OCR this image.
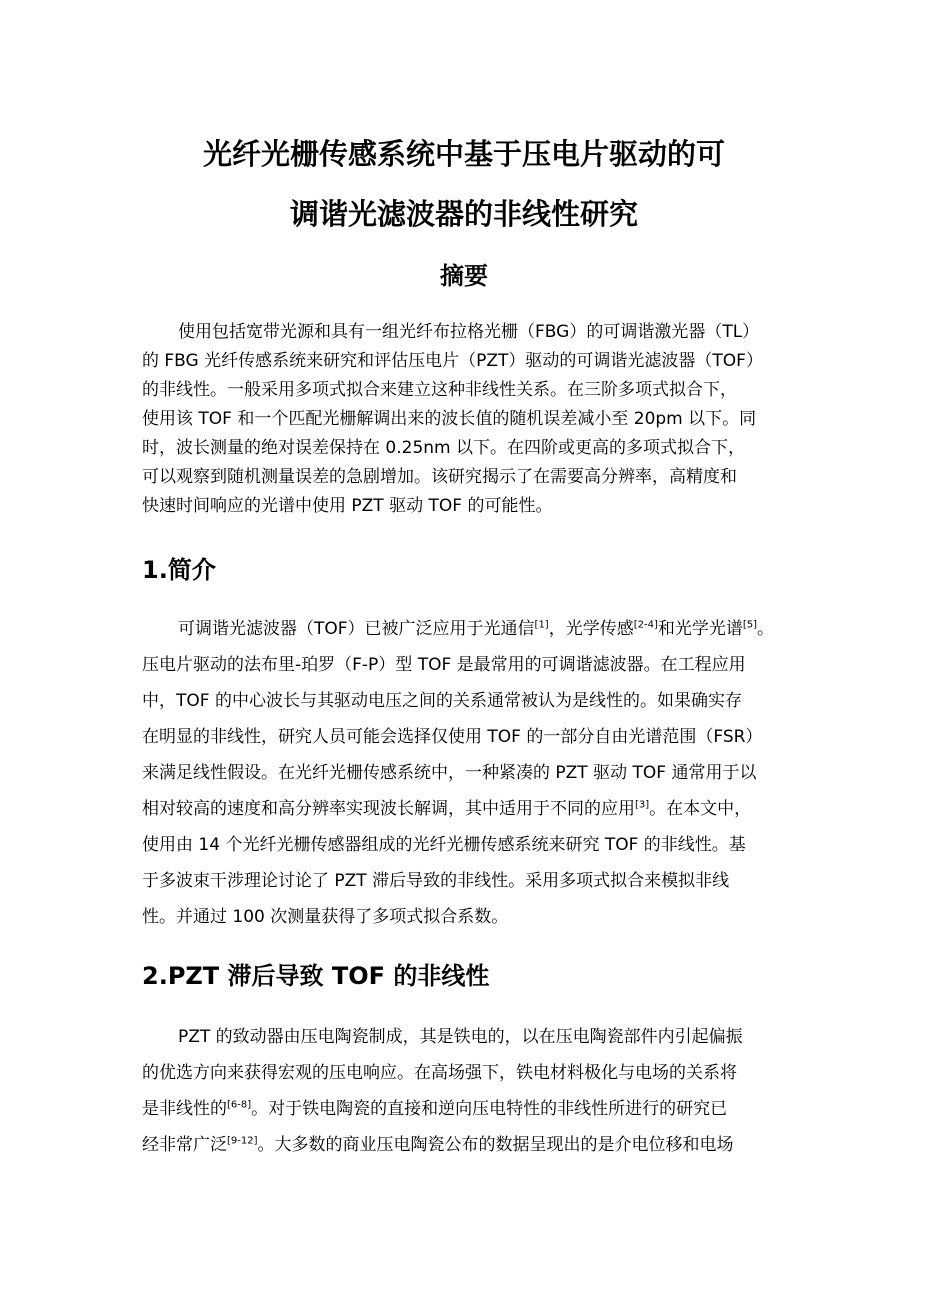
光纤光栅传感系统中基于压电片驱动的可
调谐光滤波器的非线性研究
摘要
使用包括宽带光源和具有一组光纤布拉格光栅（FBG）的可调谐激光器（TL）
的 FBG 光纤传感系统来研究和评估压电片（PZT）驱动的可调谐光滤波器（TOF）
的非线性。一般采用多项式拟合来建立这种非线性关系。在三阶多项式拟合下，
使用该 TOF 和一个匹配光栅解调出来的波长值的随机误差减小至 20pm 以下。同
时，波长测量的绝对误差保持在 0.25nm 以下。在四阶或更高的多项式拟合下，
可以观察到随机测量误差的急剧增加。该研究揭示了在需要高分辨率，高精度和
快速时间响应的光谱中使用 PZT 驱动 TOF 的可能性。
1.简介
可调谐光滤波器（TOF）已被广泛应用于光通信[1]，光学传感[2-4]和光学光谱[5]。
压电片驱动的法布里-珀罗（F-P）型 TOF 是最常用的可调谐滤波器。在工程应用
中，TOF 的中心波长与其驱动电压之间的关系通常被认为是线性的。如果确实存
在明显的非线性，研究人员可能会选择仅使用 TOF 的一部分自由光谱范围（FSR）
来满足线性假设。在光纤光栅传感系统中，一种紧凑的 PZT 驱动 TOF 通常用于以
相对较高的速度和高分辨率实现波长解调，其中适用于不同的应用[3]。在本文中，
使用由 14 个光纤光栅传感器组成的光纤光栅传感系统来研究 TOF 的非线性。基
于多波束干涉理论讨论了 PZT 滞后导致的非线性。采用多项式拟合来模拟非线
性。并通过 100 次测量获得了多项式拟合系数。
2.PZT 滞后导致 TOF 的非线性
PZT 的致动器由压电陶瓷制成，其是铁电的，以在压电陶瓷部件内引起偏振
的优选方向来获得宏观的压电响应。在高场强下，铁电材料极化与电场的关系将
是非线性的[6-8]。对于铁电陶瓷的直接和逆向压电特性的非线性所进行的研究已
经非常广泛[9-12]。大多数的商业压电陶瓷公布的数据呈现出的是介电位移和电场
